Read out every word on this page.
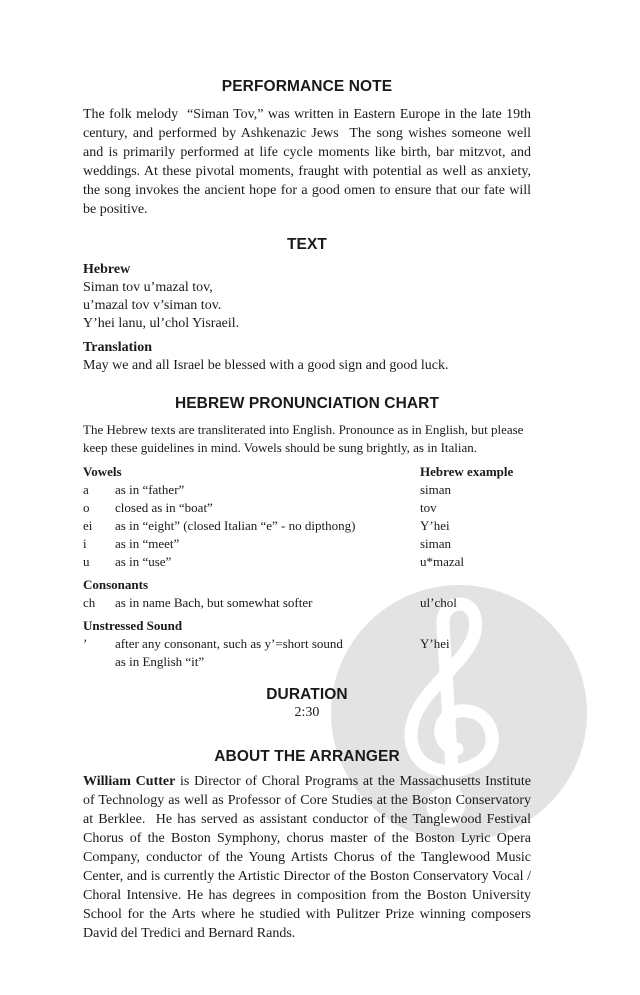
PERFORMANCE NOTE

The folk melody  “Siman Tov,” was written in Eastern Europe in the late 19th century, and performed by Ashkenazic Jews  The song wishes someone well and is primarily performed at life cycle moments like birth, bar mitzvot, and weddings. At these pivotal moments, fraught with potential as well as anxiety, the song invokes the ancient hope for a good omen to ensure that our fate will be positive.

TEXT
Hebrew
Siman tov u’mazal tov,
u’mazal tov v’siman tov.
Y’hei lanu, ul’chol Yisraeil.
Translation
May we and all Israel be blessed with a good sign and good luck.
HEBREW PRONUNCIATION CHART

The Hebrew texts are transliterated into English. Pronounce as in English, but please keep these guidelines in mind. Vowels should be sung brightly, as in Italian.

Vowels	Hebrew example
a	as in “father”	siman
o	closed as in “boat”	tov
ei	as in “eight” (closed Italian “e” - no dipthong)	Y’hei
i	as in “meet”	siman
u	as in “use”	u*mazal
Consonants
ch	as in name Bach, but somewhat softer	ul’chol
Unstressed Sound
’	after any consonant, such as y’=short sound	Y’hei
as in English “it”
DURATION
2:30
ABOUT THE ARRANGER

William Cutter is Director of Choral Programs at the Massachusetts Institute of Technology as well as Professor of Core Studies at the Boston Conservatory at Berklee.  He has served as assistant conductor of the Tanglewood Festival Chorus of the Boston Symphony, chorus master of the Boston Lyric Opera Company, conductor of the Young Artists Chorus of the Tanglewood Music Center, and is currently the Artistic Director of the Boston Conservatory Vocal / Choral Intensive. He has degrees in composition from the Boston University School for the Arts where he studied with Pulitzer Prize winning composers David del Tredici and Bernard Rands.
